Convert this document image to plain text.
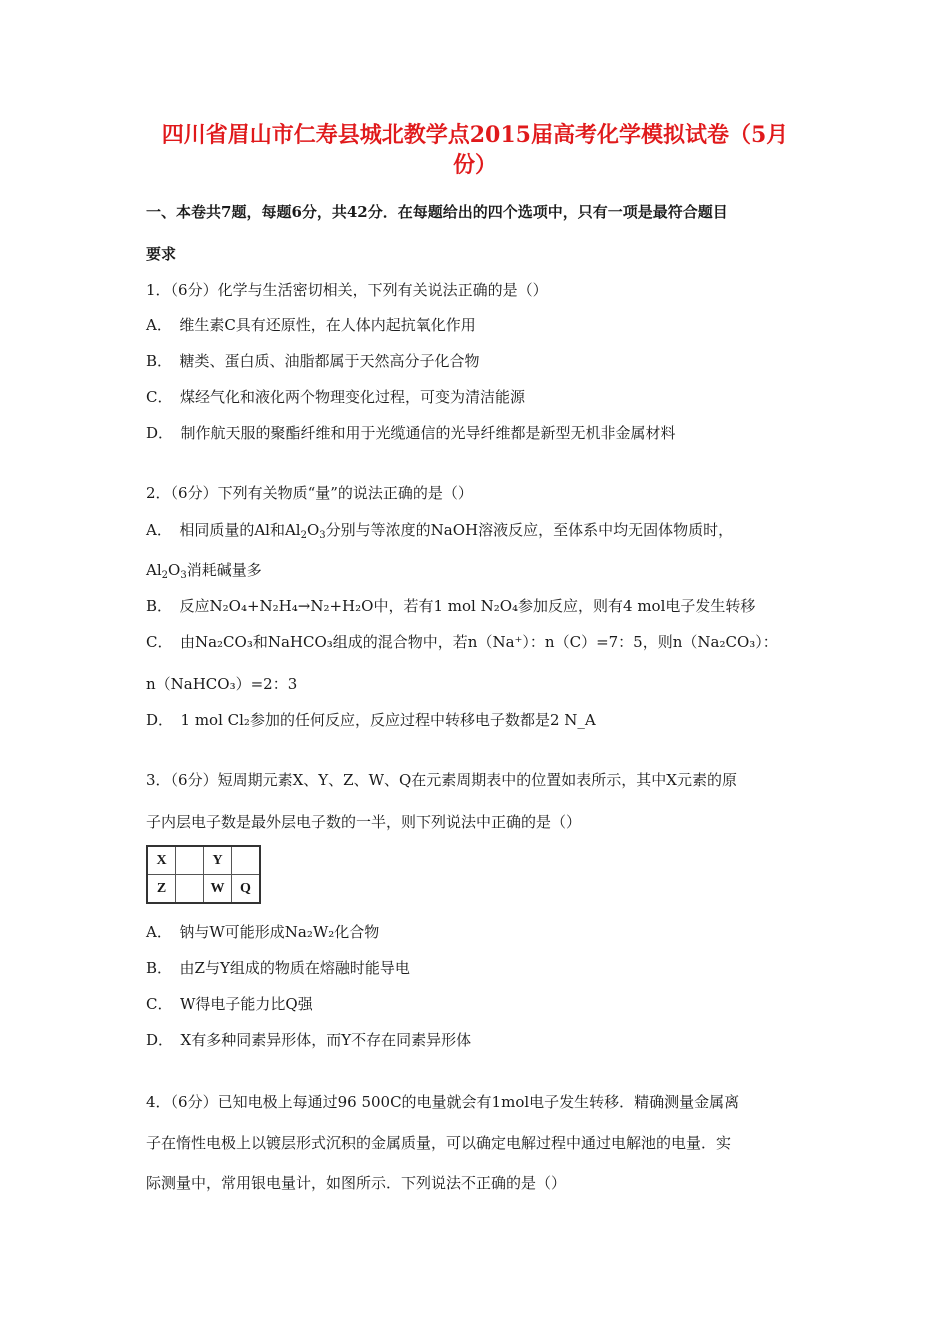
四川省眉山市仁寿县城北教学点2015届高考化学模拟试卷（5月
份）
一、本卷共7题，每题6分，共42分．在每题给出的四个选项中，只有一项是最符合题目
要求
1．（6分）化学与生活密切相关，下列有关说法正确的是（）
A．　维生素C具有还原性，在人体内起抗氧化作用
B．　糖类、蛋白质、油脂都属于天然高分子化合物
C．　煤经气化和液化两个物理变化过程，可变为清洁能源
D．　制作航天服的聚酯纤维和用于光缆通信的光导纤维都是新型无机非金属材料
2．（6分）下列有关物质“量”的说法正确的是（）
A．　相同质量的Al和$Al_2O_3$分别与等浓度的NaOH溶液反应，至体系中均无固体物质时，
$Al_2O_3$消耗碱量多
B．　反应N₂O₄+N₂H₄→N₂+H₂O中，若有1 mol N₂O₄参加反应，则有4 mol电子发生转移
C．　由Na₂CO₃和NaHCO₃组成的混合物中，若n（Na⁺）：n（C）=7：5，则n（Na₂CO₃）：
n（NaHCO₃）=2：3
D．　1 mol Cl₂参加的任何反应，反应过程中转移电子数都是2 N_A
3．（6分）短周期元素X、Y、Z、W、Q在元素周期表中的位置如表所示，其中X元素的原
子内层电子数是最外层电子数的一半，则下列说法中正确的是（）
X		Y	
Z		W	Q
A．　钠与W可能形成Na₂W₂化合物
B．　由Z与Y组成的物质在熔融时能导电
C．　W得电子能力比Q强
D．　X有多种同素异形体，而Y不存在同素异形体
4．（6分）已知电极上每通过96 500C的电量就会有1mol电子发生转移．精确测量金属离
子在惰性电极上以镀层形式沉积的金属质量，可以确定电解过程中通过电解池的电量．实
际测量中，常用银电量计，如图所示．下列说法不正确的是（）
